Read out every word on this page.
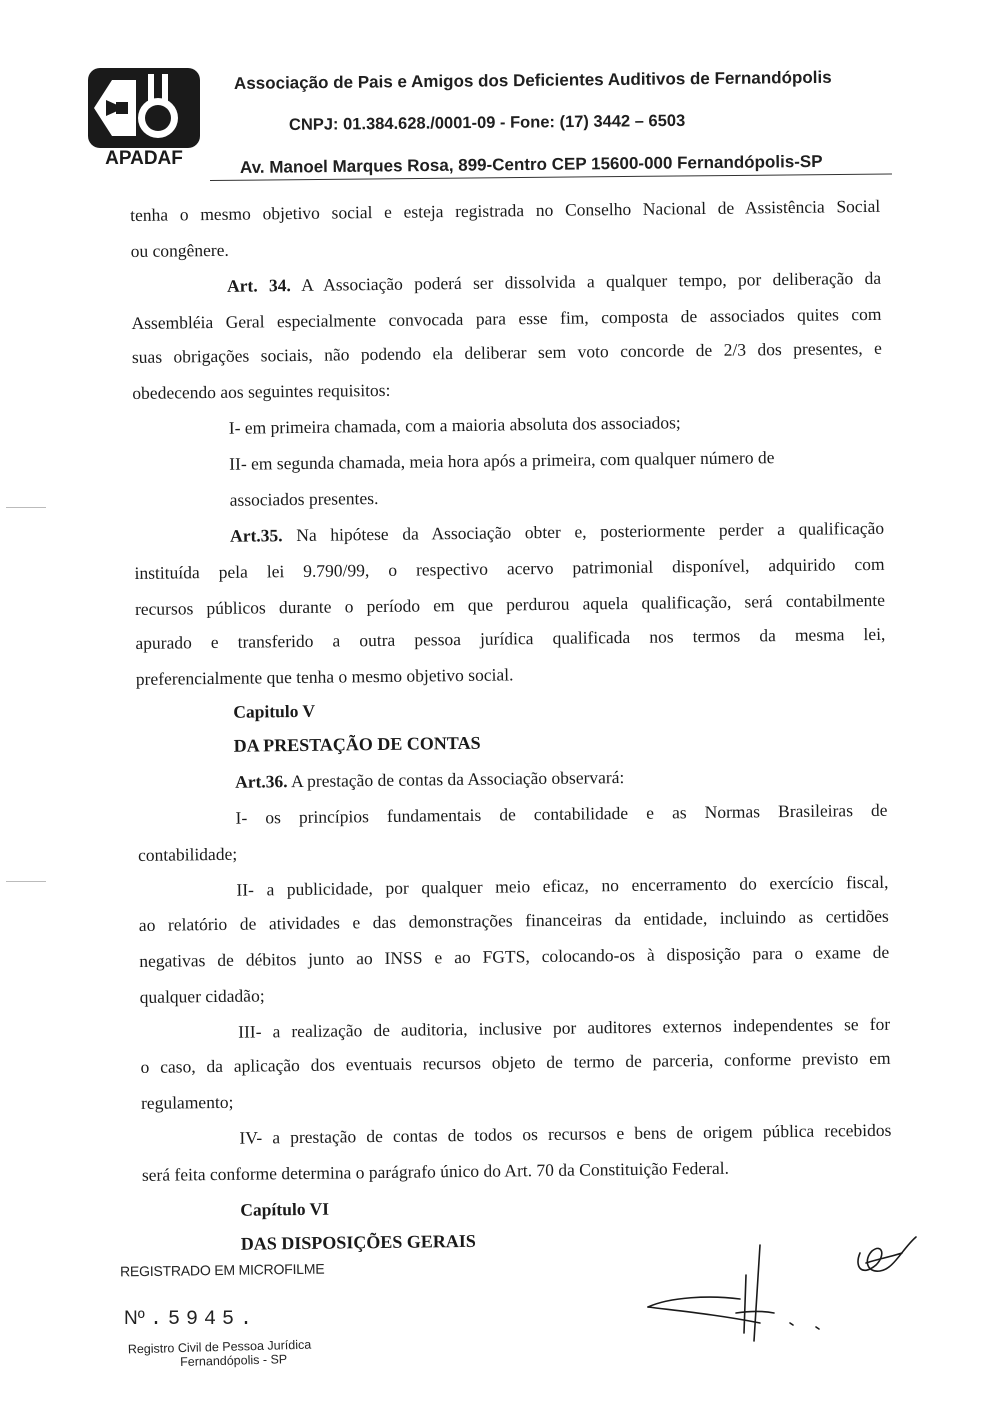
APADAF
Associação de Pais e Amigos dos Deficientes Auditivos de Fernandópolis
CNPJ: 01.384.628./0001-09 - Fone: (17) 3442 – 6503
Av. Manoel Marques Rosa, 899-Centro CEP 15600-000 Fernandópolis-SP
tenha o mesmo objetivo social e esteja registrada no Conselho Nacional de Assistência Social
ou congênere.
Art. 34. A Associação poderá ser dissolvida a qualquer tempo, por deliberação da
Assembléia Geral especialmente convocada para esse fim, composta de associados quites com
suas obrigações sociais, não podendo ela deliberar sem voto concorde de 2/3 dos presentes, e
obedecendo aos seguintes requisitos:
I- em primeira chamada, com a maioria absoluta dos associados;
II- em segunda chamada, meia hora após a primeira, com qualquer número de
associados presentes.
Art.35. Na hipótese da Associação obter e, posteriormente perder a qualificação
instituída pela lei 9.790/99, o respectivo acervo patrimonial disponível, adquirido com
recursos públicos durante o período em que perdurou aquela qualificação, será contabilmente
apurado e transferido a outra pessoa jurídica qualificada nos termos da mesma lei,
preferencialmente que tenha o mesmo objetivo social.
Capitulo V
DA PRESTAÇÃO DE CONTAS
Art.36. A prestação de contas da Associação observará:
I- os princípios fundamentais de contabilidade e as Normas Brasileiras de
contabilidade;
II- a publicidade, por qualquer meio eficaz, no encerramento do exercício fiscal,
ao relatório de atividades e das demonstrações financeiras da entidade, incluindo as certidões
negativas de débitos junto ao INSS e ao FGTS, colocando-os à disposição para o exame de
qualquer cidadão;
III- a realização de auditoria, inclusive por auditores externos independentes se for
o caso, da aplicação dos eventuais recursos objeto de termo de parceria, conforme previsto em
regulamento;
IV- a prestação de contas de todos os recursos e bens de origem pública recebidos
será feita conforme determina o parágrafo único do Art. 70 da Constituição Federal.
Capítulo VI
DAS DISPOSIÇÕES GERAIS
REGISTRADO EM MICROFILME
Nº .5945.
Registro Civil de Pessoa Jurídica
Fernandópolis - SP
